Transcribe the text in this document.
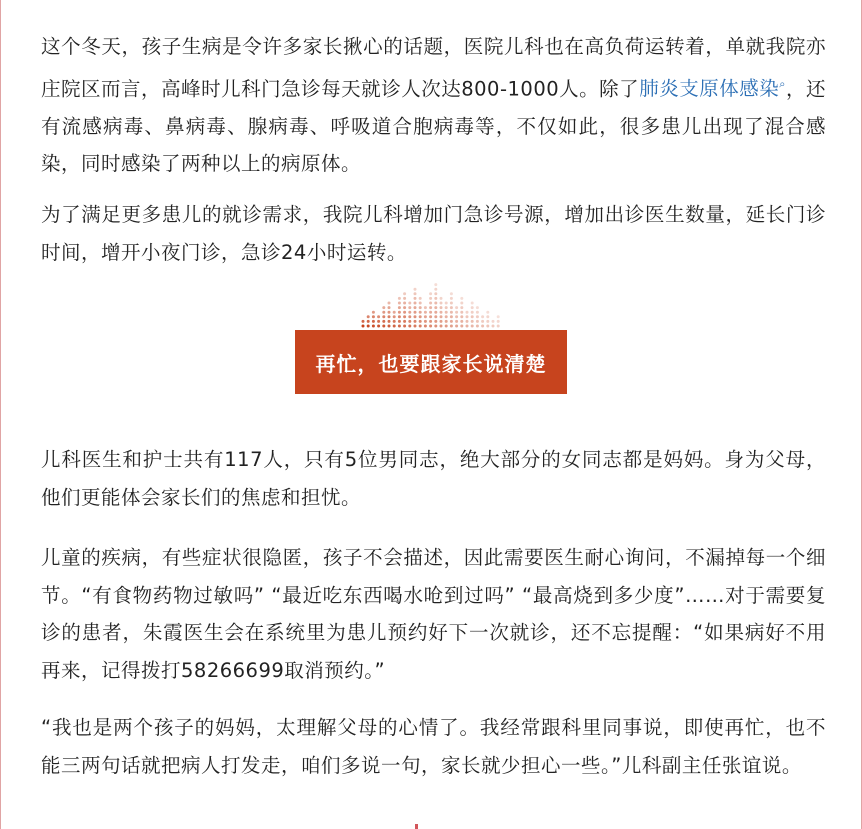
这个冬天，孩子生病是令许多家长揪心的话题，医院儿科也在高负荷运转着，单就我院亦庄院区而言，高峰时儿科门急诊每天就诊人次达800-1000人。除了肺炎支原体感染⌕，还有流感病毒、鼻病毒、腺病毒、呼吸道合胞病毒等，不仅如此，很多患儿出现了混合感染，同时感染了两种以上的病原体。

为了满足更多患儿的就诊需求，我院儿科增加门急诊号源，增加出诊医生数量，延长门诊时间，增开小夜门诊，急诊24小时运转。

再忙，也要跟家长说清楚

儿科医生和护士共有117人，只有5位男同志，绝大部分的女同志都是妈妈。身为父母，他们更能体会家长们的焦虑和担忧。

儿童的疾病，有些症状很隐匿，孩子不会描述，因此需要医生耐心询问，不漏掉每一个细节。“有食物药物过敏吗” “最近吃东西喝水呛到过吗” “最高烧到多少度”……对于需要复诊的患者，朱霞医生会在系统里为患儿预约好下一次就诊，还不忘提醒：“如果病好不用再来，记得拨打58266699取消预约。”

“我也是两个孩子的妈妈，太理解父母的心情了。我经常跟科里同事说，即使再忙，也不能三两句话就把病人打发走，咱们多说一句，家长就少担心一些。”儿科副主任张谊说。
